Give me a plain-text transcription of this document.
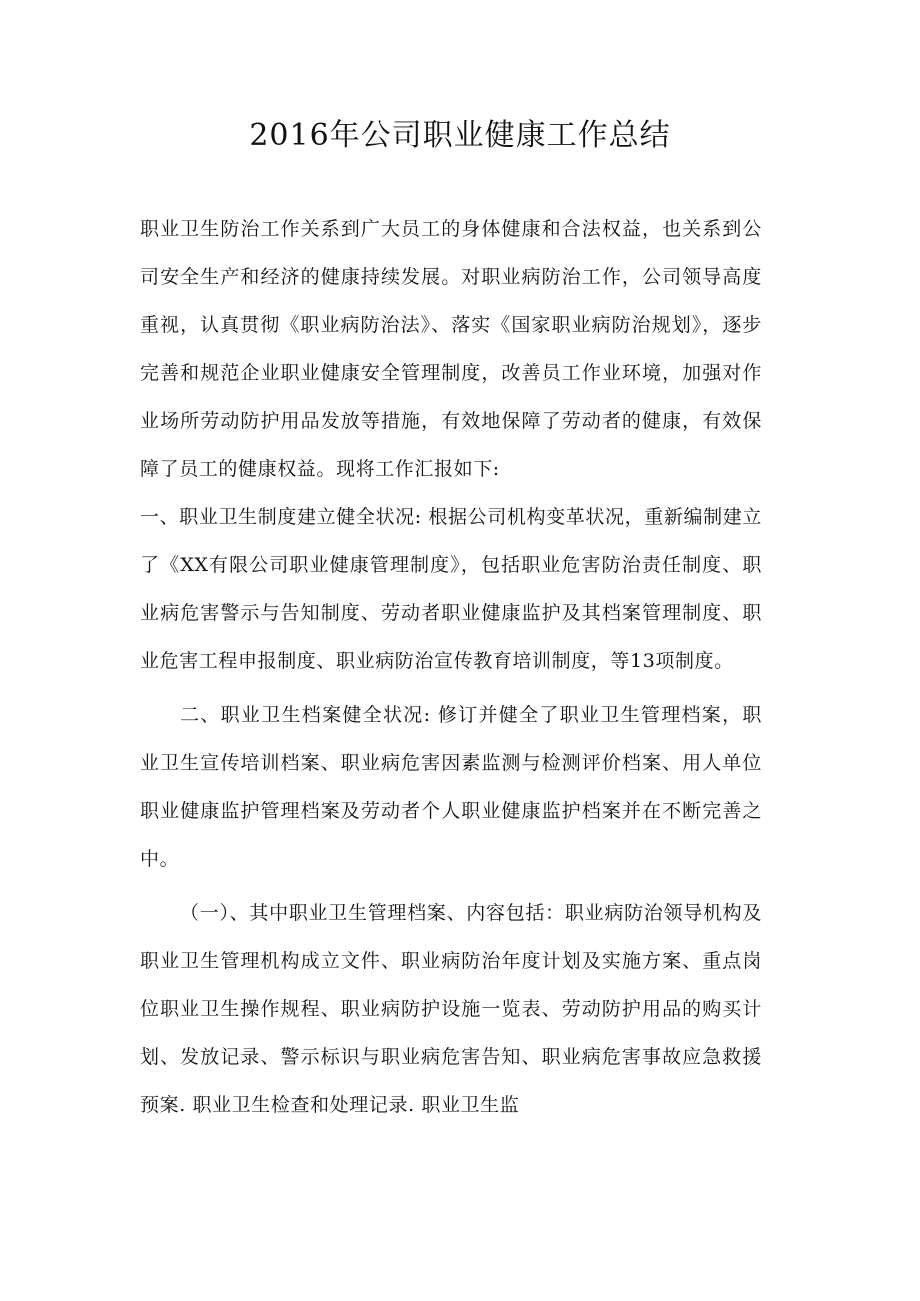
2016年公司职业健康工作总结

职业卫生防治工作关系到广大员工的身体健康和合法权益，也关系到公司安全生产和经济的健康持续发展。对职业病防治工作，公司领导高度重视，认真贯彻《职业病防治法》、落实《国家职业病防治规划》，逐步完善和规范企业职业健康安全管理制度，改善员工作业环境，加强对作业场所劳动防护用品发放等措施，有效地保障了劳动者的健康，有效保障了员工的健康权益。现将工作汇报如下:

一、职业卫生制度建立健全状况: 根据公司机构变革状况，重新编制建立了《XX有限公司职业健康管理制度》，包括职业危害防治责任制度、职业病危害警示与告知制度、劳动者职业健康监护及其档案管理制度、职业危害工程申报制度、职业病防治宣传教育培训制度，等13项制度。

二、职业卫生档案健全状况: 修订并健全了职业卫生管理档案，职业卫生宣传培训档案、职业病危害因素监测与检测评价档案、用人单位职业健康监护管理档案及劳动者个人职业健康监护档案并在不断完善之中。

（一）、其中职业卫生管理档案、内容包括：职业病防治领导机构及职业卫生管理机构成立文件、职业病防治年度计划及实施方案、重点岗位职业卫生操作规程、职业病防护设施一览表、劳动防护用品的购买计划、发放记录、警示标识与职业病危害告知、职业病危害事故应急救援预案. 职业卫生检查和处理记录. 职业卫生监
